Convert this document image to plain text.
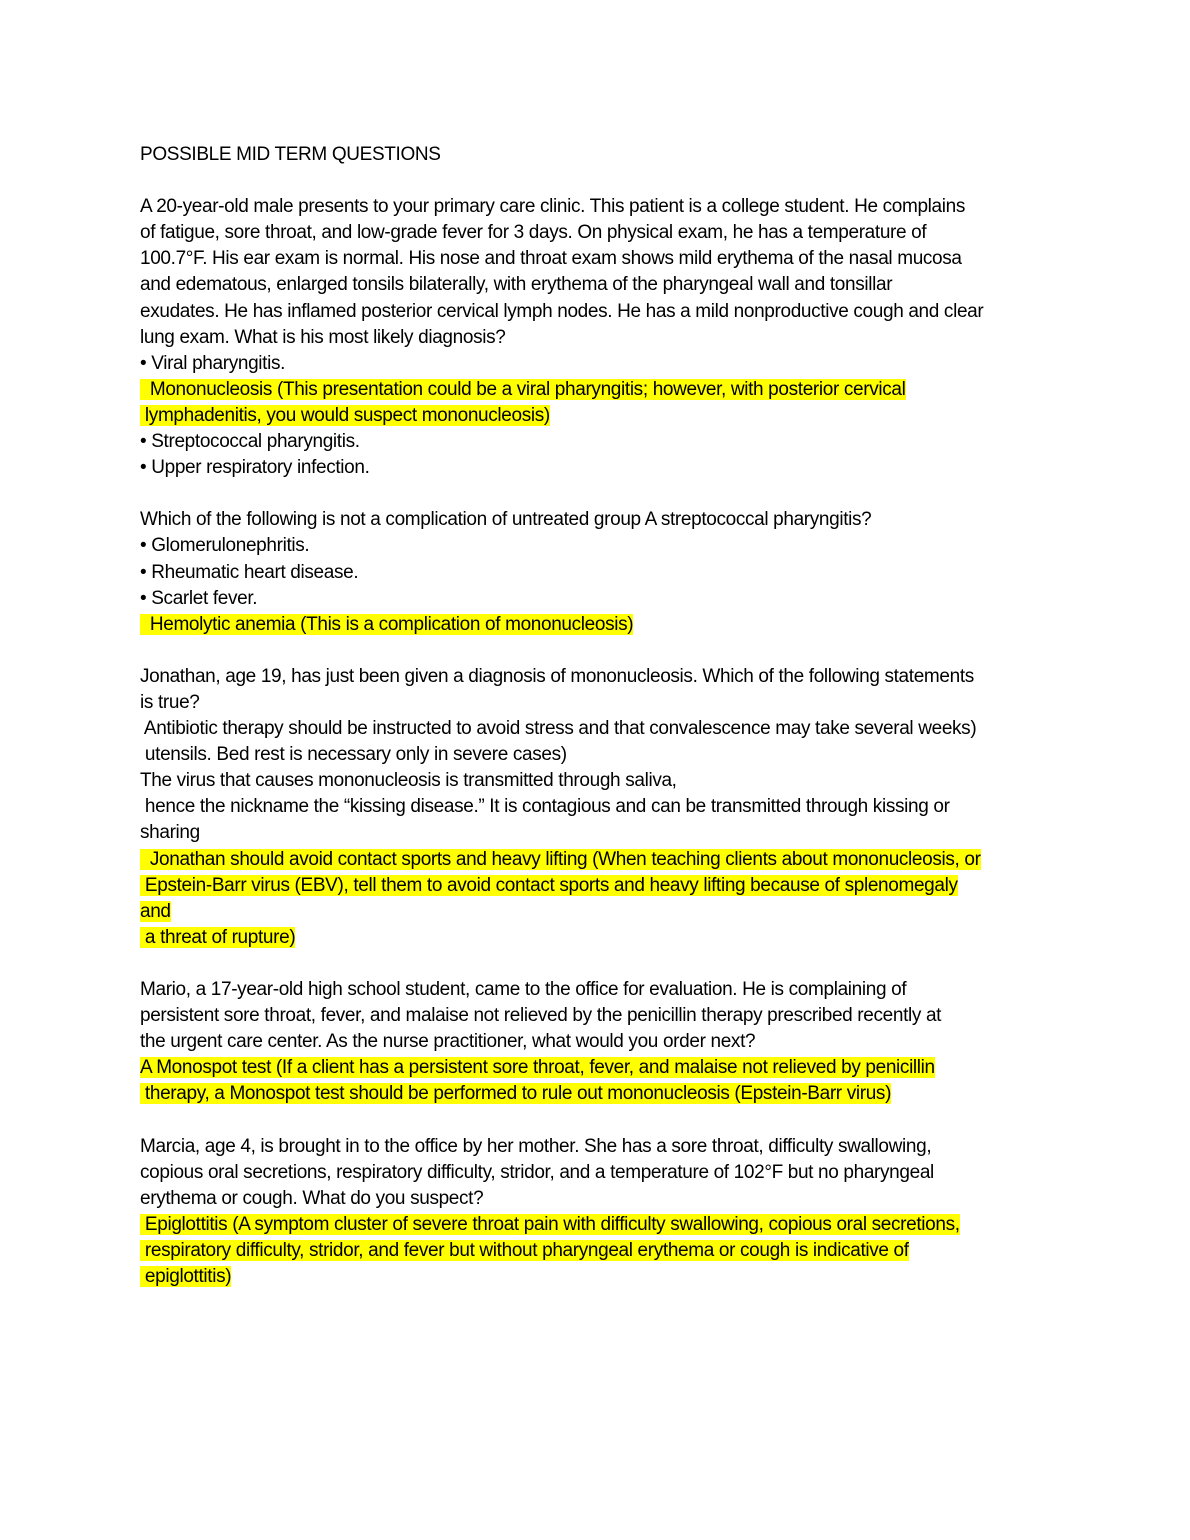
POSSIBLE MID TERM QUESTIONS
A 20-year-old male presents to your primary care clinic. This patient is a college student. He complains
of fatigue, sore throat, and low-grade fever for 3 days. On physical exam, he has a temperature of
100.7°F. His ear exam is normal. His nose and throat exam shows mild erythema of the nasal mucosa
and edematous, enlarged tonsils bilaterally, with erythema of the pharyngeal wall and tonsillar
exudates. He has inflamed posterior cervical lymph nodes. He has a mild nonproductive cough and clear
lung exam. What is his most likely diagnosis?
• Viral pharyngitis.
Mononucleosis (This presentation could be a viral pharyngitis; however, with posterior cervical
lymphadenitis, you would suspect mononucleosis)
• Streptococcal pharyngitis.
• Upper respiratory infection.
Which of the following is not a complication of untreated group A streptococcal pharyngitis?
• Glomerulonephritis.
• Rheumatic heart disease.
• Scarlet fever.
Hemolytic anemia (This is a complication of mononucleosis)
Jonathan, age 19, has just been given a diagnosis of mononucleosis. Which of the following statements
is true?
Antibiotic therapy should be instructed to avoid stress and that convalescence may take several weeks)
utensils. Bed rest is necessary only in severe cases)
The virus that causes mononucleosis is transmitted through saliva,
hence the nickname the “kissing disease.” It is contagious and can be transmitted through kissing or
sharing
Jonathan should avoid contact sports and heavy lifting (When teaching clients about mononucleosis, or
Epstein-Barr virus (EBV), tell them to avoid contact sports and heavy lifting because of splenomegaly
and
a threat of rupture)
Mario, a 17-year-old high school student, came to the office for evaluation. He is complaining of
persistent sore throat, fever, and malaise not relieved by the penicillin therapy prescribed recently at
the urgent care center. As the nurse practitioner, what would you order next?
A Monospot test (If a client has a persistent sore throat, fever, and malaise not relieved by penicillin
therapy, a Monospot test should be performed to rule out mononucleosis (Epstein-Barr virus)
Marcia, age 4, is brought in to the office by her mother. She has a sore throat, difficulty swallowing,
copious oral secretions, respiratory difficulty, stridor, and a temperature of 102°F but no pharyngeal
erythema or cough. What do you suspect?
Epiglottitis (A symptom cluster of severe throat pain with difficulty swallowing, copious oral secretions,
respiratory difficulty, stridor, and fever but without pharyngeal erythema or cough is indicative of
epiglottitis)
